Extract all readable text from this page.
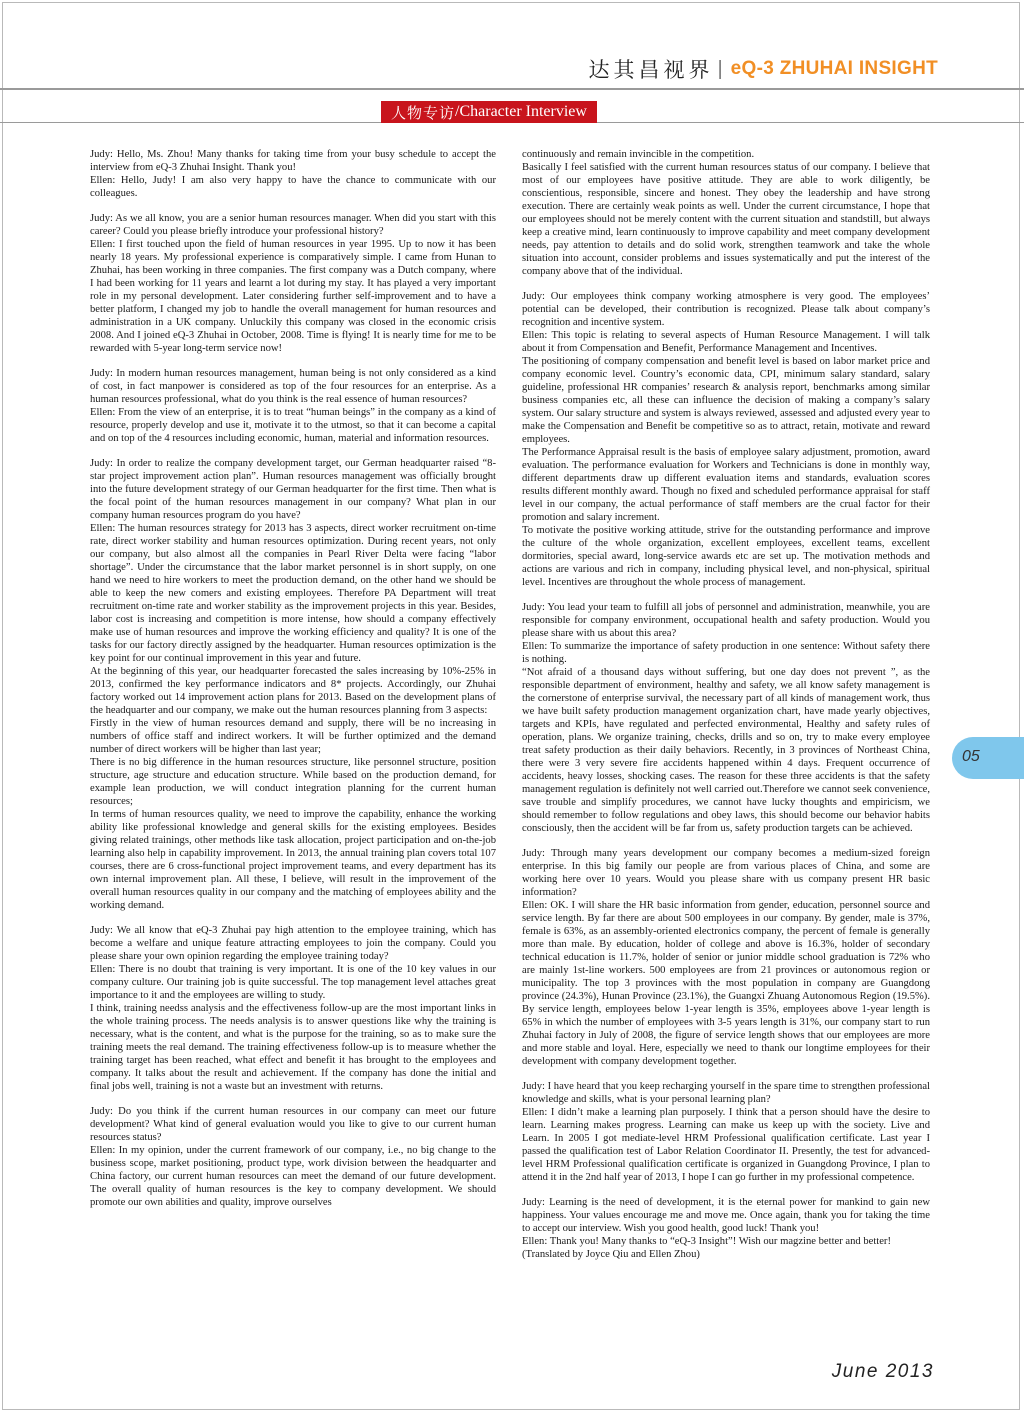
达其昌视界 | eQ-3 ZHUHAI INSIGHT
人物专访 / Character Interview

Judy: Hello, Ms. Zhou! Many thanks for taking time from your busy schedule to accept the interview from eQ-3 Zhuhai Insight. Thank you!

Ellen: Hello, Judy! I am also very happy to have the chance to communicate with our colleagues.

Judy: As we all know, you are a senior human resources manager. When did you start with this career? Could you please briefly introduce your professional history?

Ellen: I first touched upon the field of human resources in year 1995. Up to now it has been nearly 18 years. My professional experience is comparatively simple. I came from Hunan to Zhuhai, has been working in three companies. The first company was a Dutch company, where I had been working for 11 years and learnt a lot during my stay. It has played a very important role in my personal development. Later considering further self-improvement and to have a better platform, I changed my job to handle the overall management for human resources and administration in a UK company. Unluckily this company was closed in the economic crisis 2008. And I joined eQ-3 Zhuhai in October, 2008. Time is flying! It is nearly time for me to be rewarded with 5-year long-term service now!

Judy: In modern human resources management, human being is not only considered as a kind of cost, in fact manpower is considered as top of the four resources for an enterprise. As a human resources professional, what do you think is the real essence of human resources?

Ellen: From the view of an enterprise, it is to treat “human beings” in the company as a kind of resource, properly develop and use it, motivate it to the utmost, so that it can become a capital and on top of the 4 resources including economic, human, material and information resources.

Judy: In order to realize the company development target, our German headquarter raised “8-star project improvement action plan”. Human resources management was officially brought into the future development strategy of our German headquarter for the first time. Then what is the focal point of the human resources management in our company? What plan in our company human resources program do you have?

Ellen: The human resources strategy for 2013 has 3 aspects, direct worker recruitment on-time rate, direct worker stability and human resources optimization. During recent years, not only our company, but also almost all the companies in Pearl River Delta were facing “labor shortage”. Under the circumstance that the labor market personnel is in short supply, on one hand we need to hire workers to meet the production demand, on the other hand we should be able to keep the new comers and existing employees. Therefore PA Department will treat recruitment on-time rate and worker stability as the improvement projects in this year. Besides, labor cost is increasing and competition is more intense, how should a company effectively make use of human resources and improve the working efficiency and quality? It is one of the tasks for our factory directly assigned by the headquarter. Human resources optimization is the key point for our continual improvement in this year and future.

At the beginning of this year, our headquarter forecasted the sales increasing by 10%-25% in 2013, confirmed the key performance indicators and 8* projects. Accordingly, our Zhuhai factory worked out 14 improvement action plans for 2013. Based on the development plans of the headquarter and our company, we make out the human resources planning from 3 aspects:

Firstly in the view of human resources demand and supply, there will be no increasing in numbers of office staff and indirect workers. It will be further optimized and the demand number of direct workers will be higher than last year;

There is no big difference in the human resources structure, like personnel structure, position structure, age structure and education structure. While based on the production demand, for example lean production, we will conduct integration planning for the current human resources;

In terms of human resources quality, we need to improve the capability, enhance the working ability like professional knowledge and general skills for the existing employees. Besides giving related trainings, other methods like task allocation, project participation and on-the-job learning also help in capability improvement. In 2013, the annual training plan covers total 107 courses, there are 6 cross-functional project improvement teams, and every department has its own internal improvement plan. All these, I believe, will result in the improvement of the overall human resources quality in our company and the matching of employees ability and the working demand.

Judy: We all know that eQ-3 Zhuhai pay high attention to the employee training, which has become a welfare and unique feature attracting employees to join the company. Could you please share your own opinion regarding the employee training today?

Ellen: There is no doubt that training is very important. It is one of the 10 key values in our company culture. Our training job is quite successful. The top management level attaches great importance to it and the employees are willing to study.

I think, training needss analysis and the effectiveness follow-up are the most important links in the whole training process. The needs analysis is to answer questions like why the training is necessary, what is the content, and what is the purpose for the training, so as to make sure the training meets the real demand. The training effectiveness follow-up is to measure whether the training target has been reached, what effect and benefit it has brought to the employees and company. It talks about the result and achievement. If the company has done the initial and final jobs well, training is not a waste but an investment with returns.

Judy: Do you think if the current human resources in our company can meet our future development? What kind of general evaluation would you like to give to our current human resources status?

Ellen: In my opinion, under the current framework of our company, i.e., no big change to the business scope, market positioning, product type, work division between the headquarter and China factory, our current human resources can meet the demand of our future development. The overall quality of human resources is the key to company development. We should promote our own abilities and quality, improve ourselves

continuously and remain invincible in the competition.

Basically I feel satisfied with the current human resources status of our company. I believe that most of our employees have positive attitude. They are able to work diligently, be conscientious, responsible, sincere and honest. They obey the leadership and have strong execution. There are certainly weak points as well. Under the current circumstance, I hope that our employees should not be merely content with the current situation and standstill, but always keep a creative mind, learn continuously to improve capability and meet company development needs, pay attention to details and do solid work, strengthen teamwork and take the whole situation into account, consider problems and issues systematically and put the interest of the company above that of the individual.

Judy: Our employees think company working atmosphere is very good. The employees’ potential can be developed, their contribution is recognized. Please talk about company’s recognition and incentive system.

Ellen: This topic is relating to several aspects of Human Resource Management. I will talk about it from Compensation and Benefit, Performance Management and Incentives.

The positioning of company compensation and benefit level is based on labor market price and company economic level. Country’s economic data, CPI, minimum salary standard, salary guideline, professional HR companies’ research & analysis report, benchmarks among similar business companies etc, all these can influence the decision of making a company’s salary system. Our salary structure and system is always reviewed, assessed and adjusted every year to make the Compensation and Benefit be competitive so as to attract, retain, motivate and reward employees.

The Performance Appraisal result is the basis of employee salary adjustment, promotion, award evaluation. The performance evaluation for Workers and Technicians is done in monthly way, different departments draw up different evaluation items and standards, evaluation scores results different monthly award. Though no fixed and scheduled performance appraisal for staff level in our company, the actual performance of staff members are the crual factor for their promotion and salary increment.

To motivate the positive working attitude, strive for the outstanding performance and improve the culture of the whole organization, excellent employees, excellent teams, excellent dormitories, special award, long-service awards etc are set up. The motivation methods and actions are various and rich in company, including physical level, and non-physical, spiritual level. Incentives are throughout the whole process of management.

Judy: You lead your team to fulfill all jobs of personnel and administration, meanwhile, you are responsible for company environment, occupational health and safety production. Would you please share with us about this area?

Ellen: To summarize the importance of safety production in one sentence: Without safety there is nothing.

“Not afraid of a thousand days without suffering, but one day does not prevent ”, as the responsible department of environment, healthy and safety, we all know safety management is the cornerstone of enterprise survival, the necessary part of all kinds of management work, thus we have built safety production management organization chart, have made yearly objectives, targets and KPIs, have regulated and perfected environmental, Healthy and safety rules of operation, plans. We organize training, checks, drills and so on, try to make every employee treat safety production as their daily behaviors. Recently, in 3 provinces of Northeast China, there were 3 very severe fire accidents happened within 4 days. Frequent occurrence of accidents, heavy losses, shocking cases. The reason for these three accidents is that the safety management regulation is definitely not well carried out.Therefore we cannot seek convenience, save trouble and simplify procedures, we cannot have lucky thoughts and empiricism, we should remember to follow regulations and obey laws, this should become our behavior habits consciously, then the accident will be far from us, safety production targets can be achieved.

Judy: Through many years development our company becomes a medium-sized foreign enterprise. In this big family our people are from various places of China, and some are working here over 10 years. Would you please share with us company present HR basic information?

Ellen: OK. I will share the HR basic information from gender, education, personnel source and service length. By far there are about 500 employees in our company. By gender, male is 37%, female is 63%, as an assembly-oriented electronics company, the percent of female is generally more than male. By education, holder of college and above is 16.3%, holder of secondary technical education is 11.7%, holder of senior or junior middle school graduation is 72% who are mainly 1st-line workers. 500 employees are from 21 provinces or autonomous region or municipality. The top 3 provinces with the most population in company are Guangdong province (24.3%), Hunan Province (23.1%), the Guangxi Zhuang Autonomous Region (19.5%). By service length, employees below 1-year length is 35%, employees above 1-year length is 65% in which the number of employees with 3-5 years length is 31%, our company start to run Zhuhai factory in July of 2008, the figure of service length shows that our employees are more and more stable and loyal. Here, especially we need to thank our longtime employees for their development with company development together.

Judy: I have heard that you keep recharging yourself in the spare time to strengthen professional knowledge and skills, what is your personal learning plan?

Ellen: I didn’t make a learning plan purposely. I think that a person should have the desire to learn. Learning makes progress. Learning can make us keep up with the society. Live and Learn. In 2005 I got mediate-level HRM Professional qualification certificate. Last year I passed the qualification test of Labor Relation Coordinator II. Presently, the test for advanced-level HRM Professional qualification certificate is organized in Guangdong Province, I plan to attend it in the 2nd half year of 2013, I hope I can go further in my professional competence.

Judy: Learning is the need of development, it is the eternal power for mankind to gain new happiness. Your values encourage me and move me. Once again, thank you for taking the time to accept our interview. Wish you good health, good luck! Thank you!

Ellen: Thank you! Many thanks to “eQ-3 Insight”! Wish our magzine better and better!

(Translated by Joyce Qiu and Ellen Zhou)

05
June 2013
